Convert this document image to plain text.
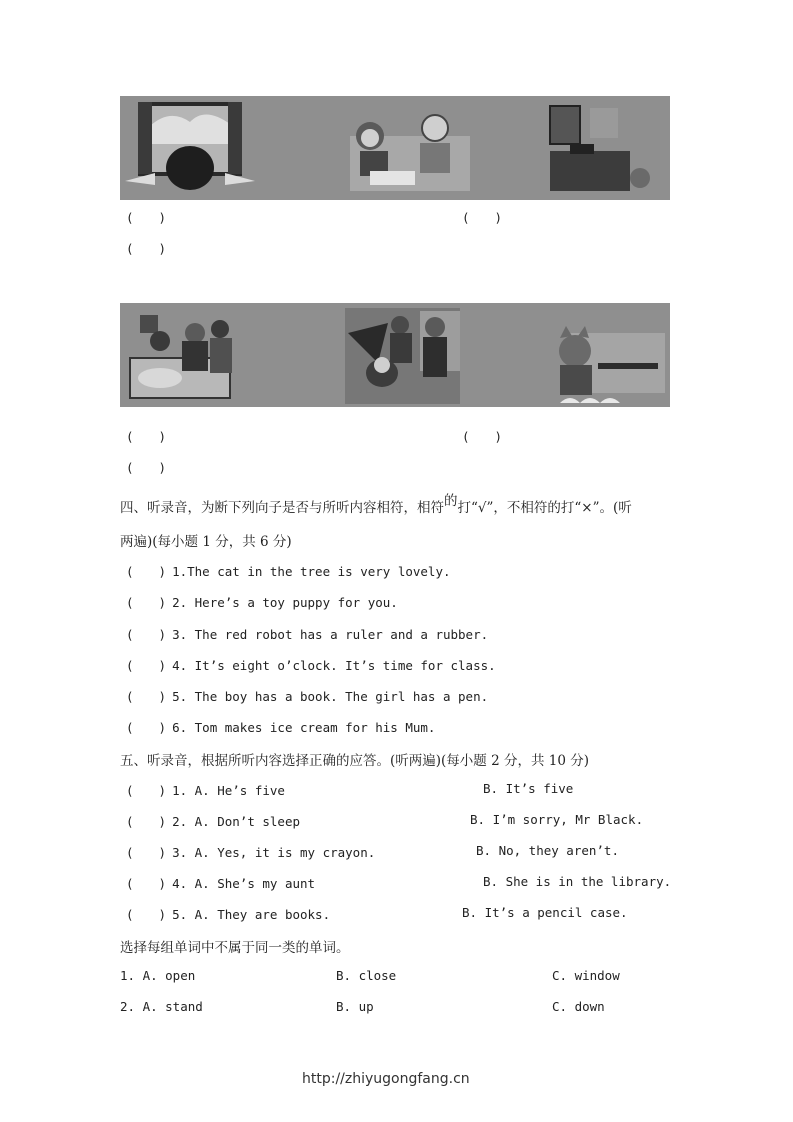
(　　)	(　　)
(　　)
(　　)	(　　)
(　　)
四、听录音，为断下列向子是否与所听内容相符，相符的打“√”，不相符的打“×”。(听
两遍)(每小题 1 分，共 6 分)
(　　) 1.The cat in the tree is very lovely.
(　　) 2. Here’s a toy puppy for you.
(　　) 3. The red robot has a ruler and a rubber.
(　　) 4. It’s eight o’clock. It’s time for class.
(　　) 5. The boy has a book. The girl has a pen.
(　　) 6. Tom makes ice cream for his Mum.
五、听录音，根据所听内容选择正确的应答。(听两遍)(每小题 2 分，共 10 分)
(　　) 1. A. He’s five	B. It’s five
(　　) 2. A. Don’t sleep	B. I’m sorry, Mr Black.
(　　) 3. A. Yes, it is my crayon.	B. No, they aren’t.
(　　) 4. A. She’s my aunt	B. She is in the library.
(　　) 5. A. They are books.	B. It’s a pencil case.
选择每组单词中不属于同一类的单词。
1. A. open	B. close	C. window
2. A. stand	B. up	C. down
http://zhiyugongfang.cn
